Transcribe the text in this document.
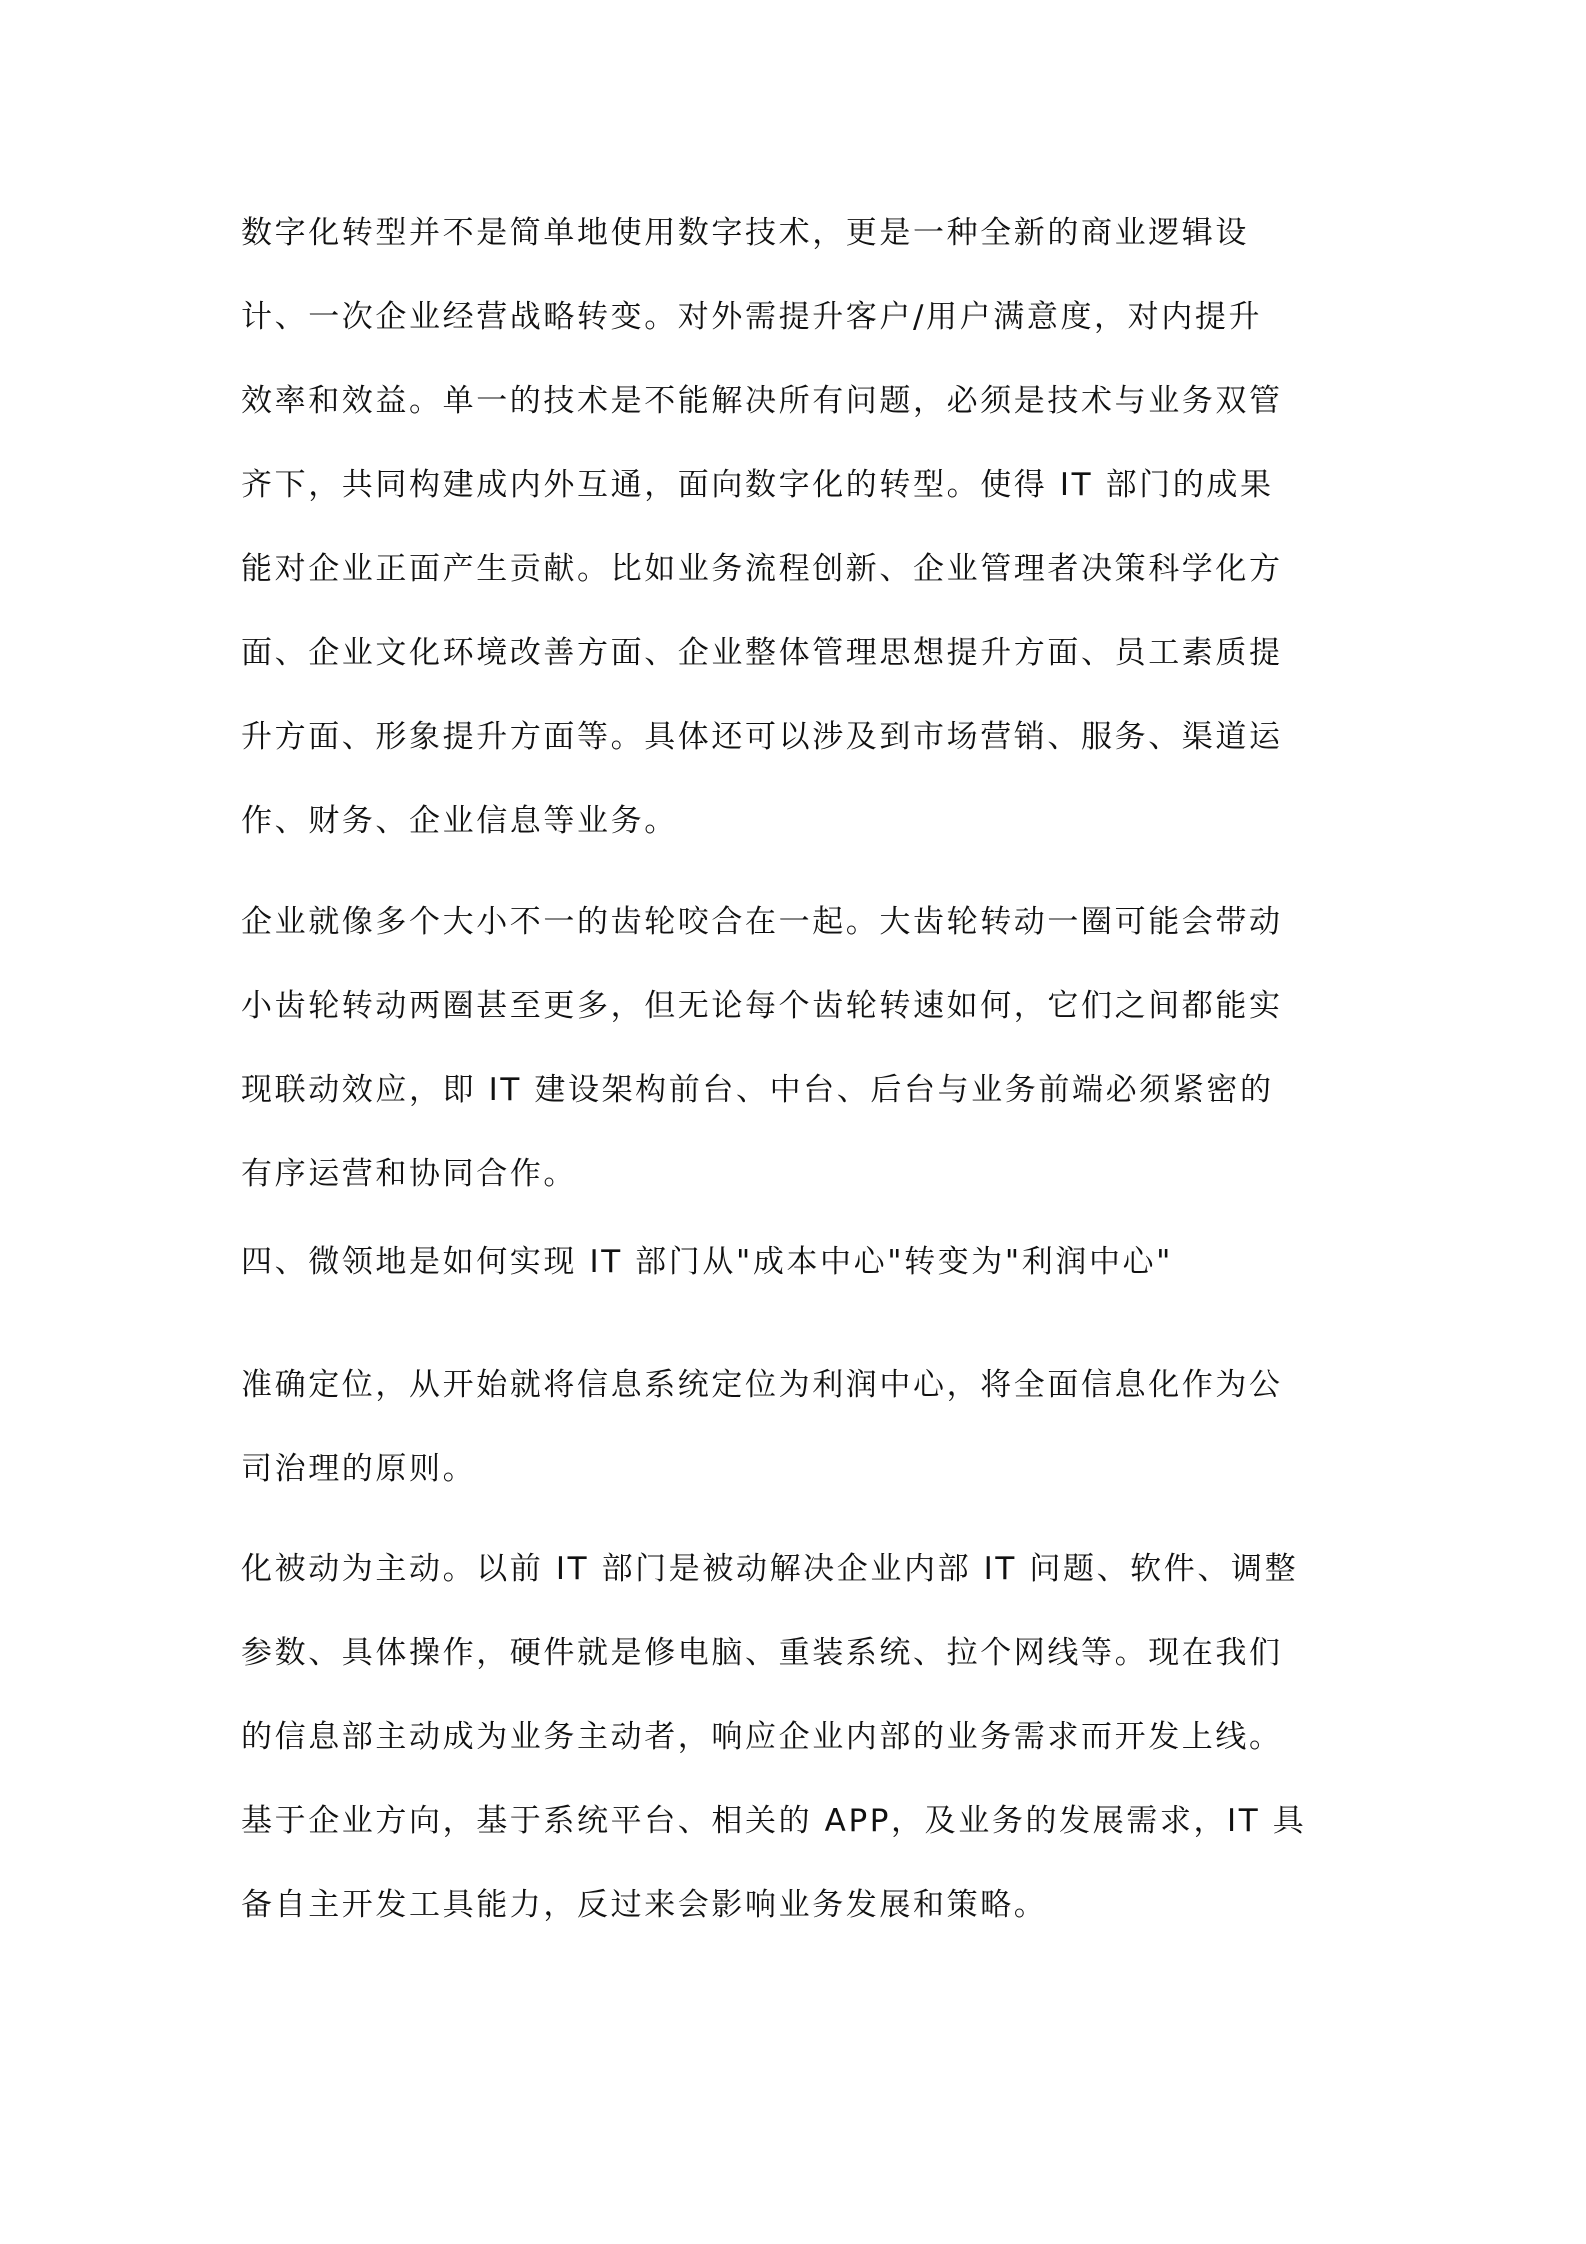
数字化转型并不是简单地使用数字技术，更是一种全新的商业逻辑设
计、一次企业经营战略转变。对外需提升客户/用户满意度，对内提升
效率和效益。单一的技术是不能解决所有问题，必须是技术与业务双管
齐下，共同构建成内外互通，面向数字化的转型。使得 IT 部门的成果
能对企业正面产生贡献。比如业务流程创新、企业管理者决策科学化方
面、企业文化环境改善方面、企业整体管理思想提升方面、员工素质提
升方面、形象提升方面等。具体还可以涉及到市场营销、服务、渠道运
作、财务、企业信息等业务。
企业就像多个大小不一的齿轮咬合在一起。大齿轮转动一圈可能会带动
小齿轮转动两圈甚至更多，但无论每个齿轮转速如何，它们之间都能实
现联动效应，即 IT 建设架构前台、中台、后台与业务前端必须紧密的
有序运营和协同合作。
四、微领地是如何实现 IT 部门从"成本中心"转变为"利润中心"
准确定位，从开始就将信息系统定位为利润中心，将全面信息化作为公
司治理的原则。
化被动为主动。以前 IT 部门是被动解决企业内部 IT 问题、软件、调整
参数、具体操作，硬件就是修电脑、重装系统、拉个网线等。现在我们
的信息部主动成为业务主动者，响应企业内部的业务需求而开发上线。
基于企业方向，基于系统平台、相关的 APP，及业务的发展需求，IT 具
备自主开发工具能力，反过来会影响业务发展和策略。
